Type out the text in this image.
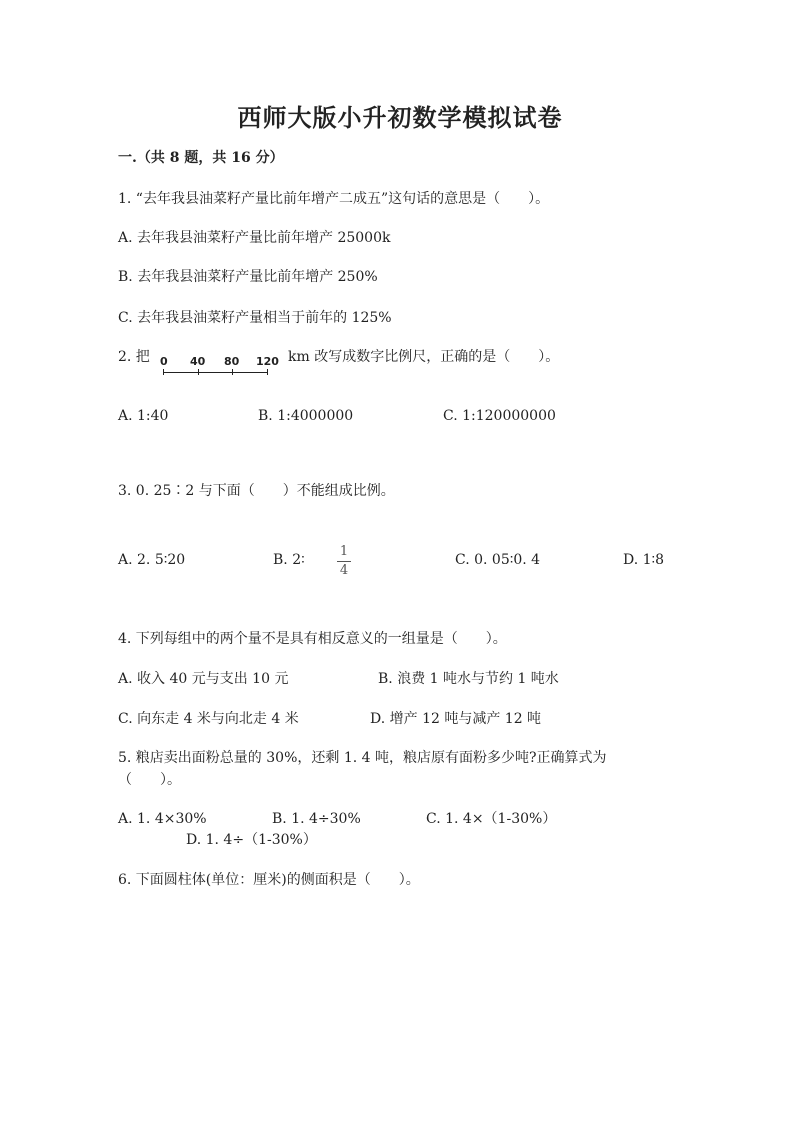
西师大版小升初数学模拟试卷
一.（共 8 题，共 16 分）
1. “去年我县油菜籽产量比前年增产二成五”这句话的意思是（　　）。
A. 去年我县油菜籽产量比前年增产 25000k
B. 去年我县油菜籽产量比前年增产 250%
C. 去年我县油菜籽产量相当于前年的 125%
2. 把 0 40 80 120 km 改写成数字比例尺，正确的是（　　）。
A. 1:40	B. 1:4000000	C. 1:120000000
3. 0. 25∶2 与下面（　　）不能组成比例。
A. 2. 5∶20	B. 2∶
1
4
C. 0. 05∶0. 4	D. 1∶8
4. 下列每组中的两个量不是具有相反意义的一组量是（　　）。
A. 收入 40 元与支出 10 元	B. 浪费 1 吨水与节约 1 吨水
C. 向东走 4 米与向北走 4 米	D. 增产 12 吨与减产 12 吨
5. 粮店卖出面粉总量的 30%，还剩 1. 4 吨，粮店原有面粉多少吨?正确算式为
（　　）。
A. 1. 4×30%	B. 1. 4÷30%	C. 1. 4×（1-30%）
D. 1. 4÷（1-30%）
6. 下面圆柱体(单位：厘米)的侧面积是（　　）。
